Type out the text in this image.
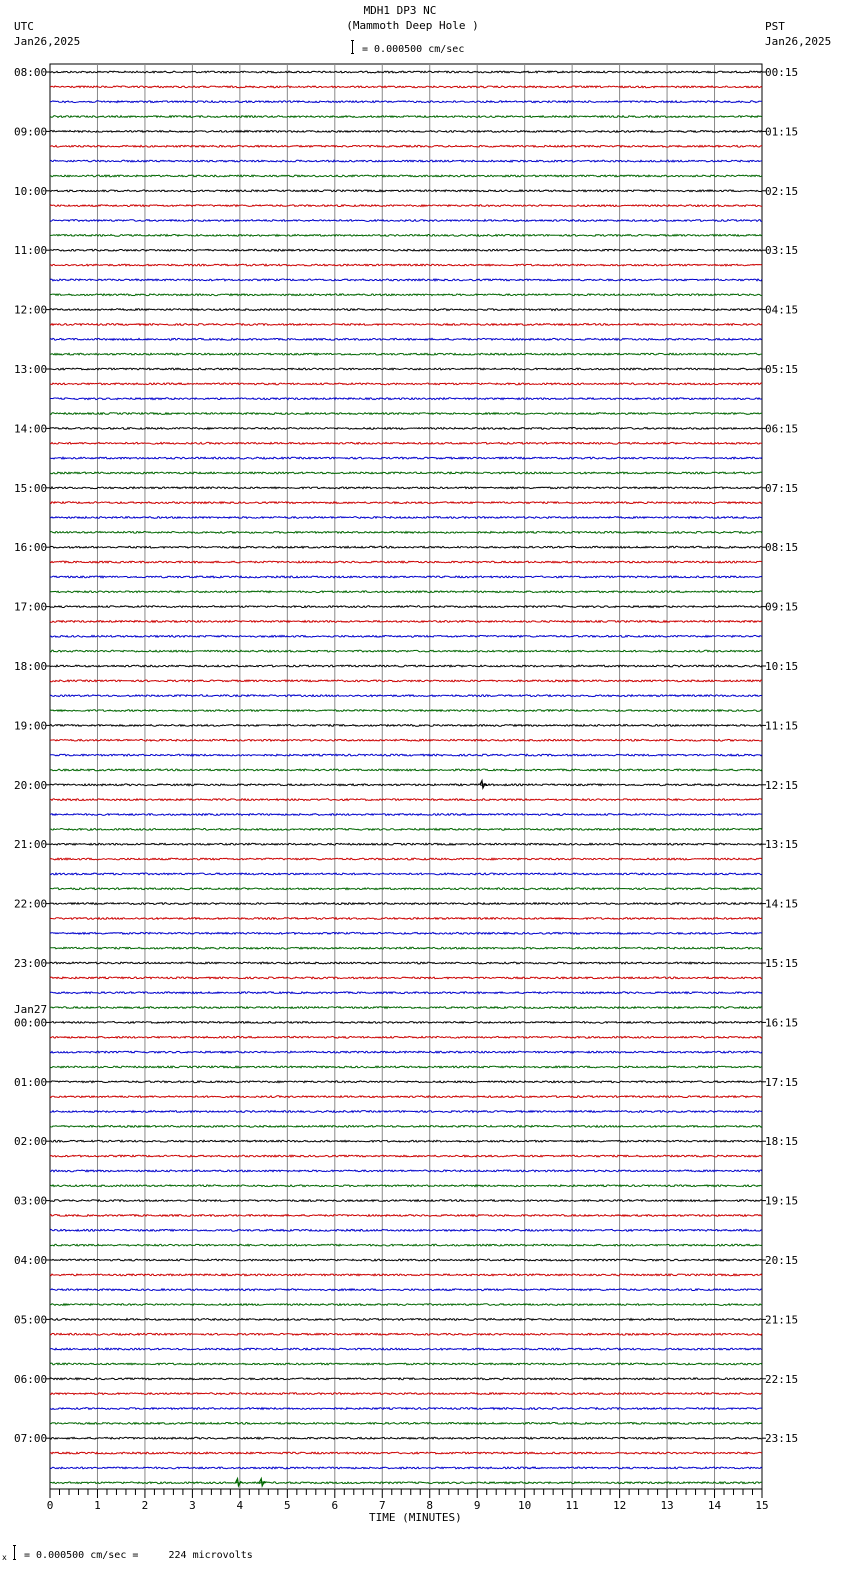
MDH1 DP3 NC
(Mammoth Deep Hole )
= 0.000500 cm/sec
UTC
Jan26,2025
PST
Jan26,2025
Jan27
08:00	00:15
09:00	01:15
10:00	02:15
11:00	03:15
12:00	04:15
13:00	05:15
14:00	06:15
15:00	07:15
16:00	08:15
17:00	09:15
18:00	10:15
19:00	11:15
20:00	12:15
21:00	13:15
22:00	14:15
23:00	15:15
00:00	16:15
01:00	17:15
02:00	18:15
03:00	19:15
04:00	20:15
05:00	21:15
06:00	22:15
07:00	23:15
0	1	2	3	4	5	6	7	8	9	10	11	12	13	14	15
TIME (MINUTES)
x = 0.000500 cm/sec =     224 microvolts
